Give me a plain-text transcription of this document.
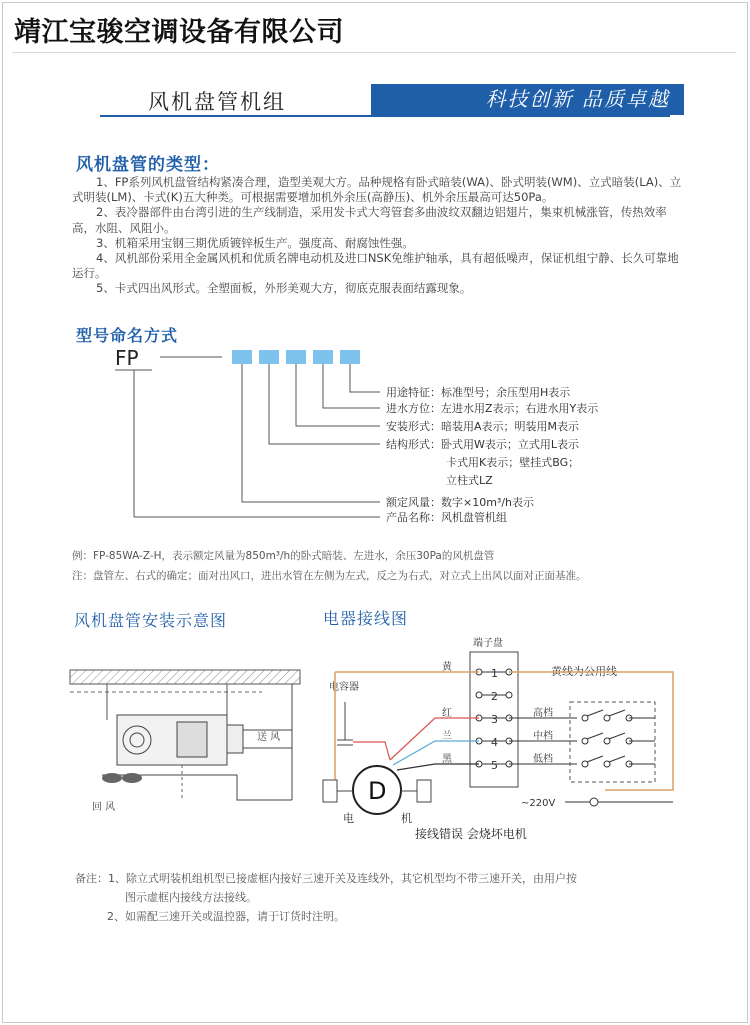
靖江宝骏空调设备有限公司
风机盘管机组	科技创新 品质卓越
风机盘管的类型：

1、FP系列风机盘管结构紧凑合理，造型美观大方。品种规格有卧式暗装(WA)、卧式明装(WM)、立式暗装(LA)、立式明装(LM)、卡式(K)五大种类。可根据需要增加机外余压(高静压)、机外余压最高可达50Pa。

2、表冷器部件由台湾引进的生产线制造，采用发卡式大弯管套多曲波纹双翻边铝翅片，集束机械涨管，传热效率高，水阻、风阻小。

3、机箱采用宝钢三期优质镀锌板生产。强度高、耐腐蚀性强。

4、风机部份采用全金属风机和优质名牌电动机及进口NSK免维护轴承，具有超低噪声，保证机组宁静、长久可靠地运行。

5、卡式四出风形式。全塑面板，外形美观大方，彻底克服表面结露现象。

型号命名方式
FP
用途特征：标准型号；余压型用H表示
进水方位：左进水用Z表示；右进水用Y表示
安装形式：暗装用A表示；明装用M表示
结构形式：卧式用W表示；立式用L表示
卡式用K表示；壁挂式BG；
立柱式LZ
额定风量：数字×10m³/h表示
产品名称：风机盘管机组
例：FP-85WA-Z-H，表示额定风量为850m³/h的卧式暗装、左进水，余压30Pa的风机盘管
注：盘管左、右式的确定；面对出风口，进出水管在左侧为左式，反之为右式，对立式上出风以面对正面基准。
风机盘管安装示意图
送 风
回 风
电器接线图
端子盘
1
2
3
4
5
黄
红
兰
黑
电容器
D
电	机
黄线为公用线
高档
中档
低档
~220V
接线错误 会烧坏电机
备注：1、除立式明装机组机型已接虚框内接好三速开关及连线外，其它机型均不带三速开关，由用户按
图示虚框内接线方法接线。
2、如需配三速开关或温控器，请于订货时注明。
